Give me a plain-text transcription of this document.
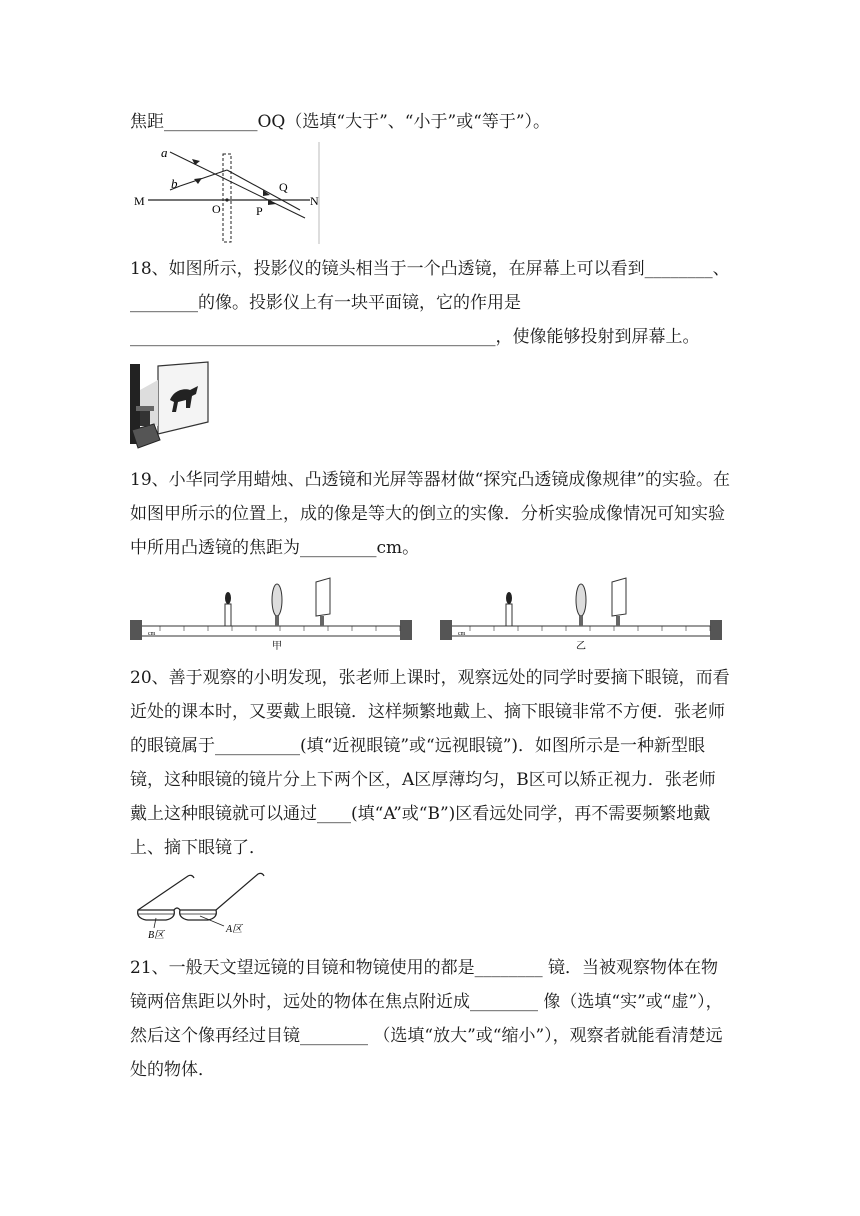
焦距___________OQ（选填“大于”、“小于”或“等于”）。
a
b
M
O	P
Q
N
18、如图所示，投影仪的镜头相当于一个凸透镜，在屏幕上可以看到________、
________的像。投影仪上有一块平面镜，它的作用是
___________________________________________，使像能够投射到屏幕上。
19、小华同学用蜡烛、凸透镜和光屏等器材做“探究凸透镜成像规律”的实验。在
如图甲所示的位置上，成的像是等大的倒立的实像．分析实验成像情况可知实验
中所用凸透镜的焦距为_________cm。
cm
甲
cm
乙
20、善于观察的小明发现，张老师上课时，观察远处的同学时要摘下眼镜，而看
近处的课本时，又要戴上眼镜．这样频繁地戴上、摘下眼镜非常不方便．张老师
的眼镜属于__________(填“近视眼镜”或“远视眼镜”)．如图所示是一种新型眼
镜，这种眼镜的镜片分上下两个区，A区厚薄均匀，B区可以矫正视力．张老师
戴上这种眼镜就可以通过____(填“A”或“B”)区看远处同学，再不需要频繁地戴
上、摘下眼镜了．
B区
A区
21、一般天文望远镜的目镜和物镜使用的都是________ 镜．当被观察物体在物
镜两倍焦距以外时，远处的物体在焦点附近成________ 像（选填“实”或“虚”），
然后这个像再经过目镜________ （选填“放大”或“缩小”），观察者就能看清楚远
处的物体．
